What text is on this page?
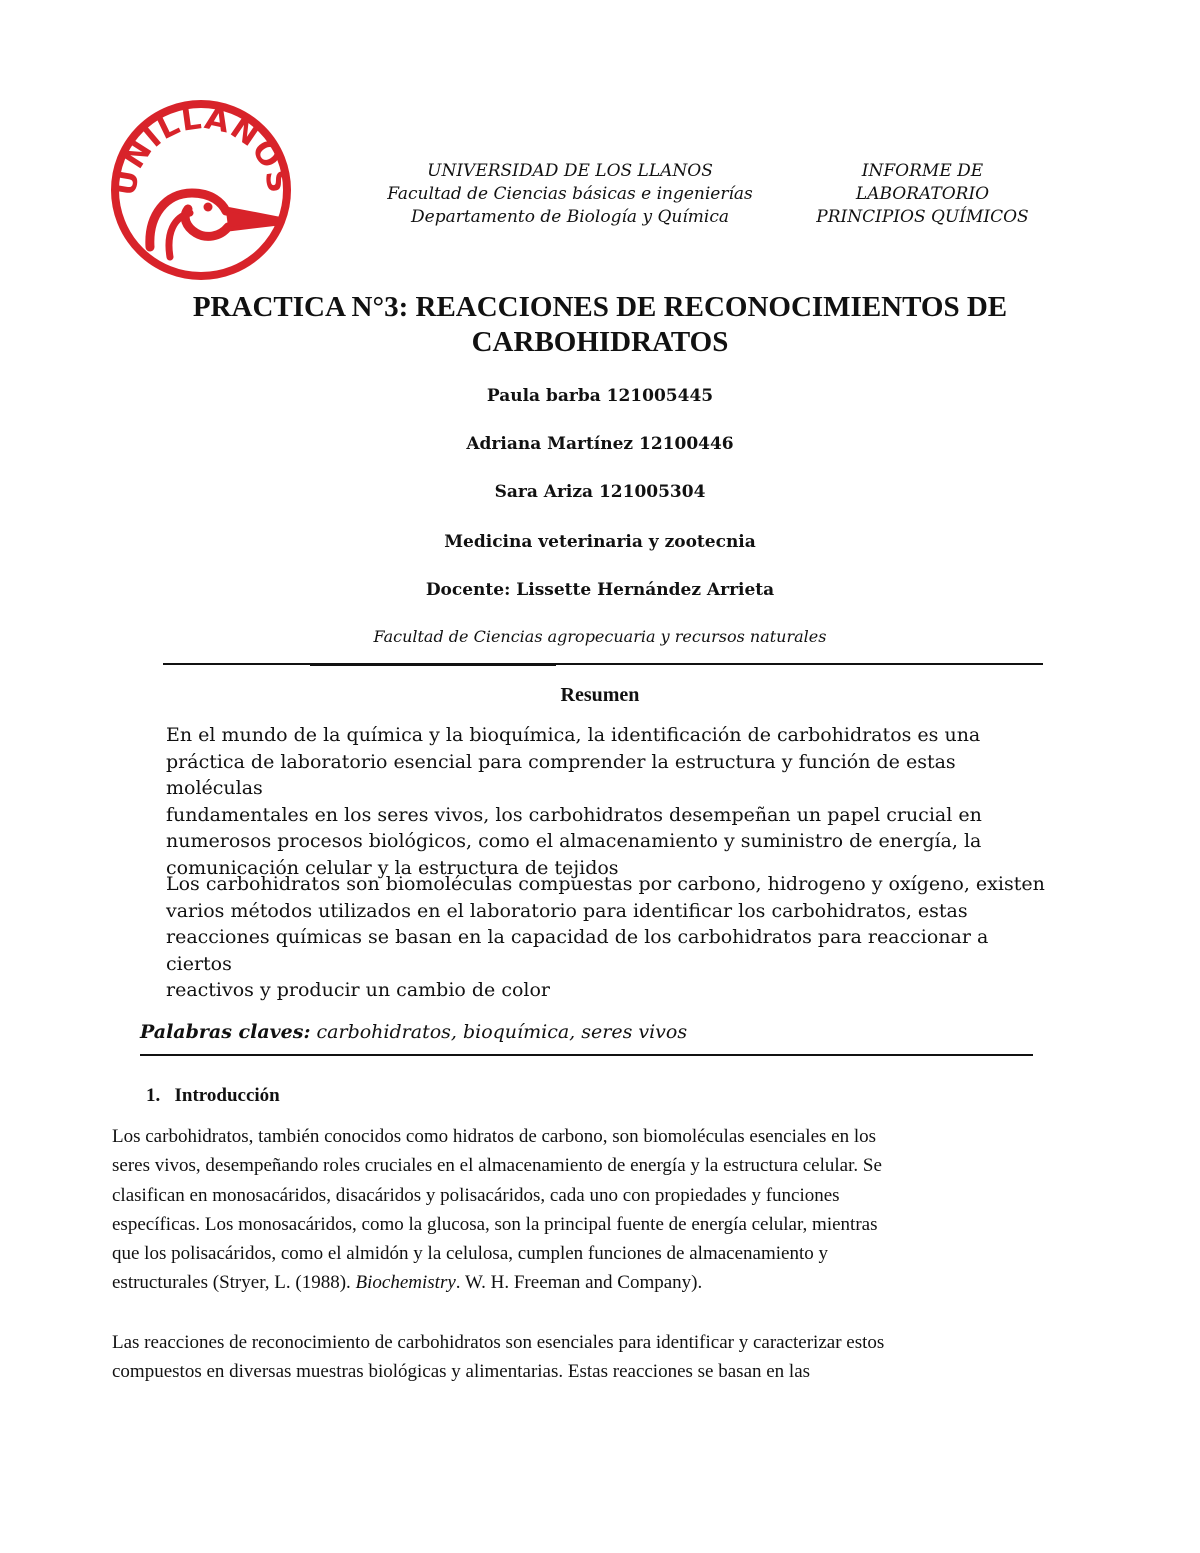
UNILLANOS	UNIVERSIDAD DE LOS LLANOS
Facultad de Ciencias básicas e ingenierías
Departamento de Biología y Química
INFORME DE
LABORATORIO
PRINCIPIOS QUÍMICOS
PRACTICA N°3: REACCIONES DE RECONOCIMIENTOS DE
CARBOHIDRATOS
Paula barba 121005445
Adriana Martínez 12100446
Sara Ariza 121005304
Medicina veterinaria y zootecnia
Docente: Lissette Hernández Arrieta
Facultad de Ciencias agropecuaria y recursos naturales
Resumen
En el mundo de la química y la bioquímica, la identificación de carbohidratos es una
práctica de laboratorio esencial para comprender la estructura y función de estas moléculas
fundamentales en los seres vivos, los carbohidratos desempeñan un papel crucial en
numerosos procesos biológicos, como el almacenamiento y suministro de energía, la
comunicación celular y la estructura de tejidos
Los carbohidratos son biomoléculas compuestas por carbono, hidrogeno y oxígeno, existen
varios métodos utilizados en el laboratorio para identificar los carbohidratos, estas
reacciones químicas se basan en la capacidad de los carbohidratos para reaccionar a ciertos
reactivos y producir un cambio de color
Palabras claves: carbohidratos, bioquímica, seres vivos
1. Introducción
Los carbohidratos, también conocidos como hidratos de carbono, son biomoléculas esenciales en los
seres vivos, desempeñando roles cruciales en el almacenamiento de energía y la estructura celular. Se
clasifican en monosacáridos, disacáridos y polisacáridos, cada uno con propiedades y funciones
específicas. Los monosacáridos, como la glucosa, son la principal fuente de energía celular, mientras
que los polisacáridos, como el almidón y la celulosa, cumplen funciones de almacenamiento y
estructurales (Stryer, L. (1988). Biochemistry. W. H. Freeman and Company).
Las reacciones de reconocimiento de carbohidratos son esenciales para identificar y caracterizar estos
compuestos en diversas muestras biológicas y alimentarias. Estas reacciones se basan en las
